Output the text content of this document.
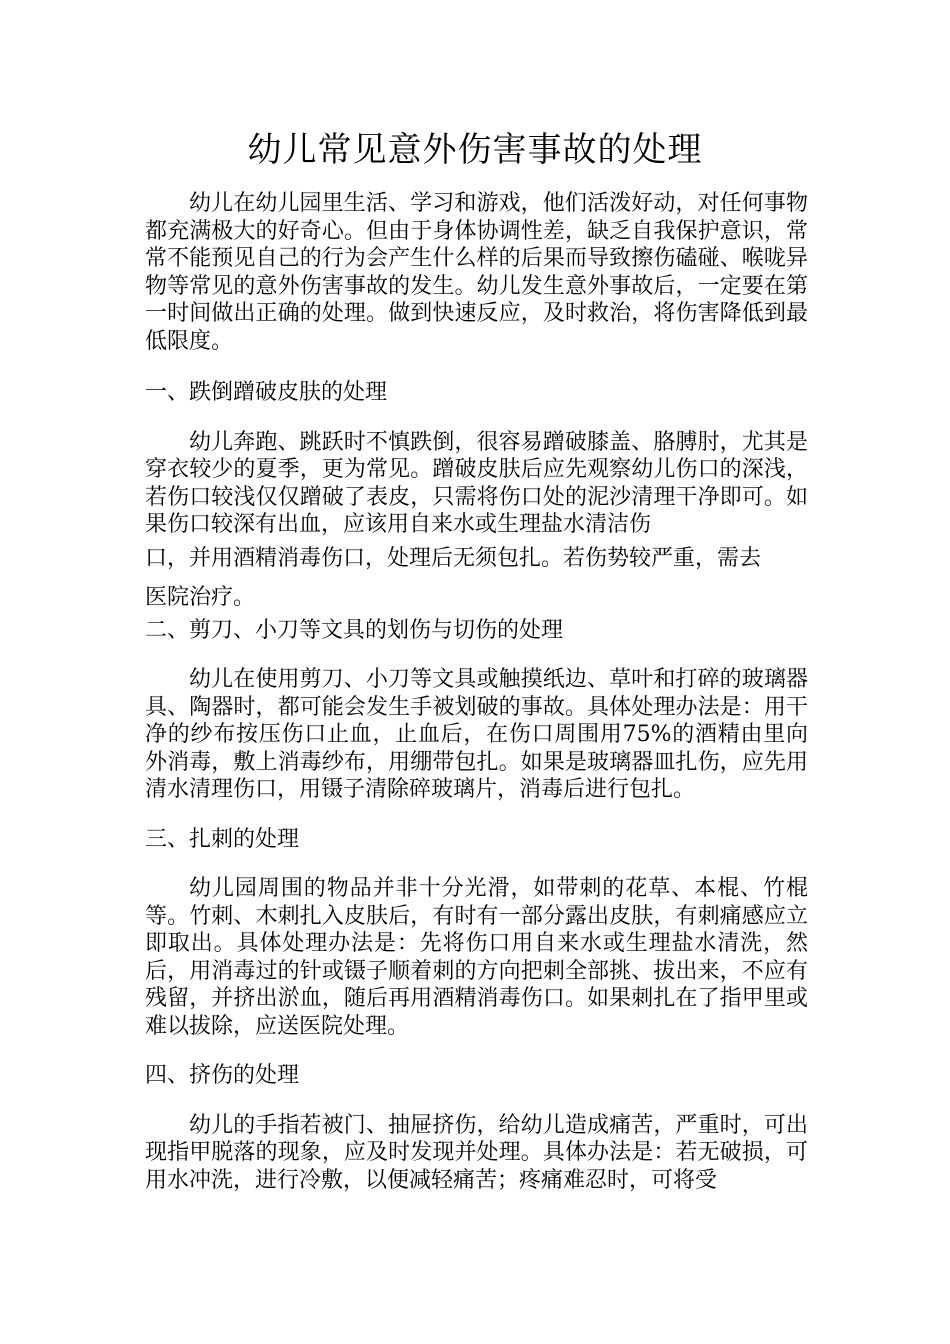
幼儿常见意外伤害事故的处理

幼儿在幼儿园里生活、学习和游戏，他们活泼好动，对任何事物都充满极大的好奇心。但由于身体协调性差，缺乏自我保护意识，常常不能预见自己的行为会产生什么样的后果而导致擦伤磕碰、喉咙异物等常见的意外伤害事故的发生。幼儿发生意外事故后，一定要在第一时间做出正确的处理。做到快速反应，及时救治，将伤害降低到最低限度。

一、跌倒蹭破皮肤的处理

幼儿奔跑、跳跃时不慎跌倒，很容易蹭破膝盖、胳膊肘，尤其是穿衣较少的夏季，更为常见。蹭破皮肤后应先观察幼儿伤口的深浅，若伤口较浅仅仅蹭破了表皮，只需将伤口处的泥沙清理干净即可。如果伤口较深有出血，应该用自来水或生理盐水清洁伤

口，并用酒精消毒伤口，处理后无须包扎。若伤势较严重，需去

医院治疗。

二、剪刀、小刀等文具的划伤与切伤的处理

幼儿在使用剪刀、小刀等文具或触摸纸边、草叶和打碎的玻璃器具、陶器时，都可能会发生手被划破的事故。具体处理办法是：用干净的纱布按压伤口止血，止血后，在伤口周围用75%的酒精由里向外消毒，敷上消毒纱布，用绷带包扎。如果是玻璃器皿扎伤，应先用清水清理伤口，用镊子清除碎玻璃片，消毒后进行包扎。

三、扎刺的处理

幼儿园周围的物品并非十分光滑，如带刺的花草、本棍、竹棍等。竹刺、木刺扎入皮肤后，有时有一部分露出皮肤，有刺痛感应立即取出。具体处理办法是：先将伤口用自来水或生理盐水清洗，然后，用消毒过的针或镊子顺着刺的方向把刺全部挑、拔出来，不应有残留，并挤出淤血，随后再用酒精消毒伤口。如果刺扎在了指甲里或难以拔除，应送医院处理。

四、挤伤的处理

幼儿的手指若被门、抽屉挤伤，给幼儿造成痛苦，严重时，可出现指甲脱落的现象，应及时发现并处理。具体办法是：若无破损，可用水冲洗，进行冷敷，以便减轻痛苦；疼痛难忍时，可将受
